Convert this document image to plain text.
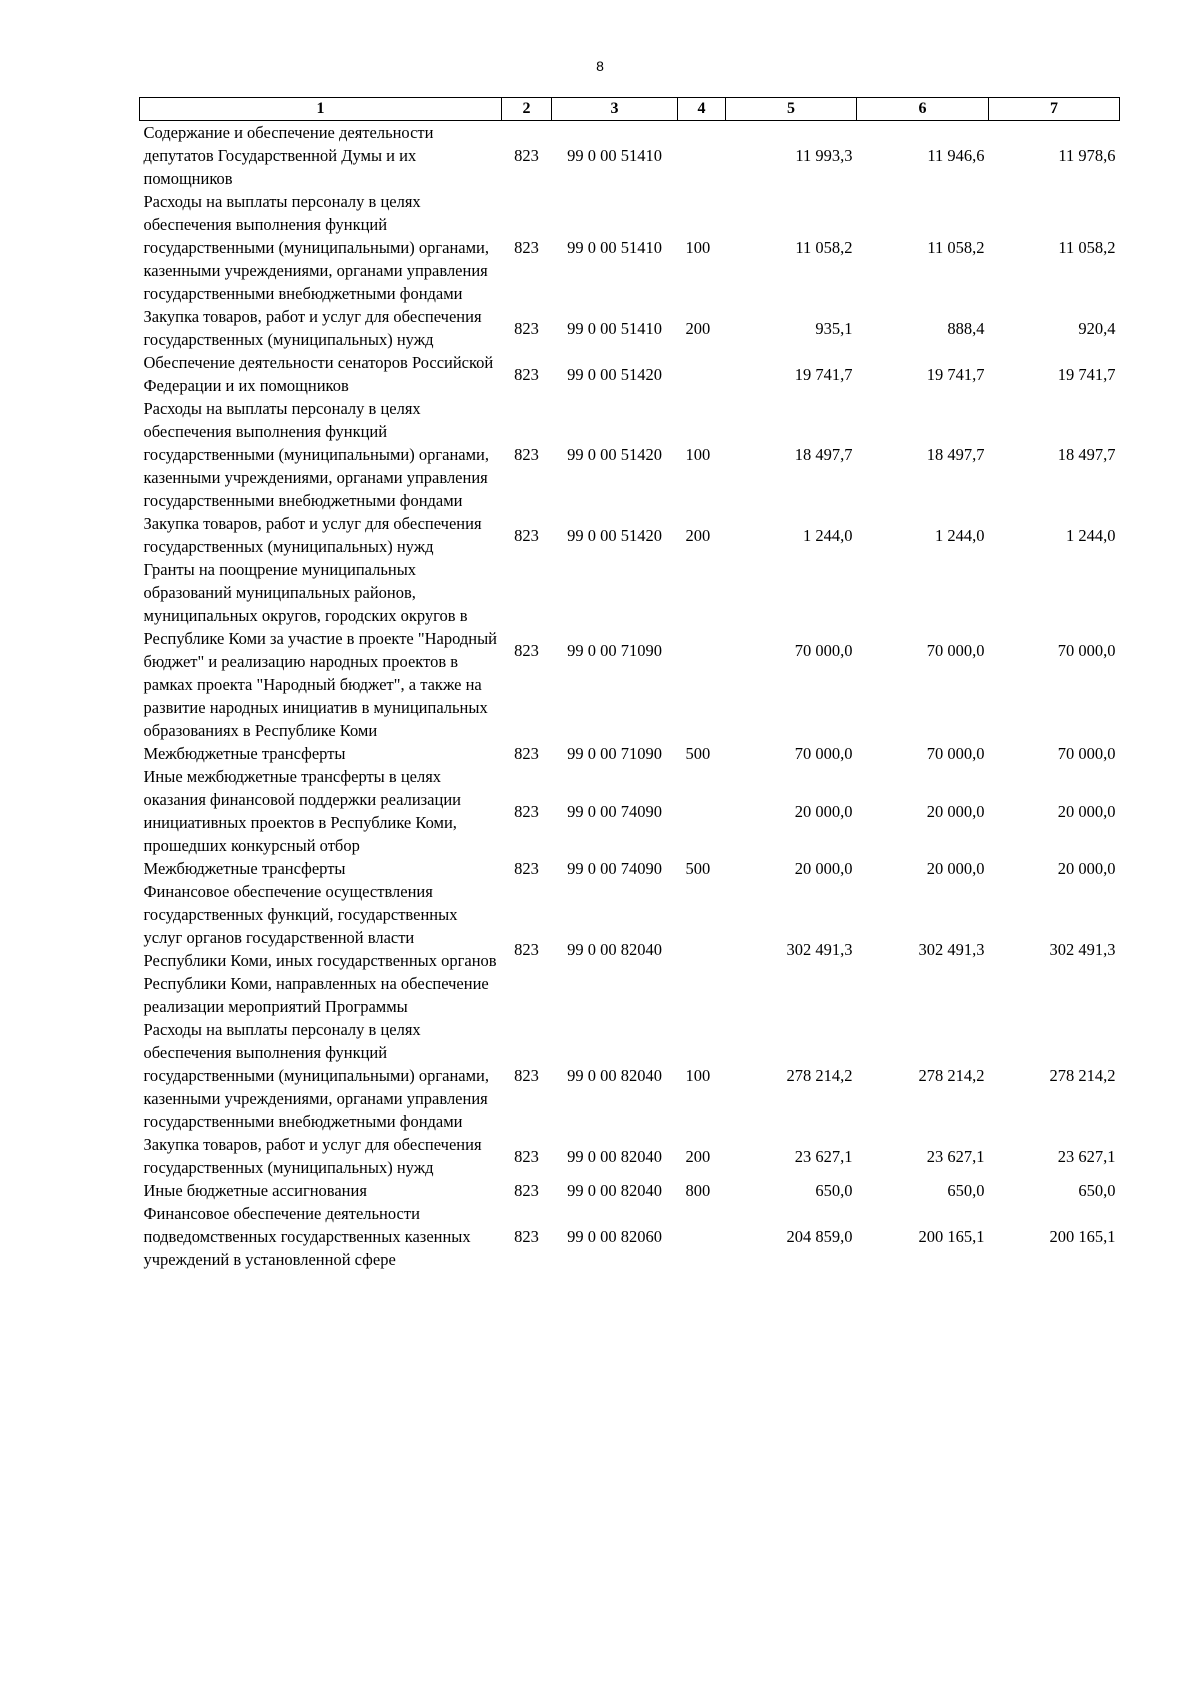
8
1	2	3	4	5	6	7
Содержание и обеспечение деятельности депутатов Государственной Думы и их помощников	823	99 0 00 51410		11 993,3	11 946,6	11 978,6
Расходы на выплаты персоналу в целях обеспечения выполнения функций государственными (муниципальными) органами, казенными учреждениями, органами управления государственными внебюджетными фондами	823	99 0 00 51410	100	11 058,2	11 058,2	11 058,2
Закупка товаров, работ и услуг для обеспечения государственных (муниципальных) нужд	823	99 0 00 51410	200	935,1	888,4	920,4
Обеспечение деятельности сенаторов Российской Федерации и их помощников	823	99 0 00 51420		19 741,7	19 741,7	19 741,7
Расходы на выплаты персоналу в целях обеспечения выполнения функций государственными (муниципальными) органами, казенными учреждениями, органами управления государственными внебюджетными фондами	823	99 0 00 51420	100	18 497,7	18 497,7	18 497,7
Закупка товаров, работ и услуг для обеспечения государственных (муниципальных) нужд	823	99 0 00 51420	200	1 244,0	1 244,0	1 244,0
Гранты на поощрение муниципальных образований муниципальных районов, муниципальных округов, городских округов в Республике Коми за участие в проекте "Народный бюджет" и реализацию народных проектов в рамках проекта "Народный бюджет", а также на развитие народных инициатив в муниципальных образованиях в Республике Коми	823	99 0 00 71090		70 000,0	70 000,0	70 000,0
Межбюджетные трансферты	823	99 0 00 71090	500	70 000,0	70 000,0	70 000,0
Иные межбюджетные трансферты в целях оказания финансовой поддержки реализации инициативных проектов в Республике Коми, прошедших конкурсный отбор	823	99 0 00 74090		20 000,0	20 000,0	20 000,0
Межбюджетные трансферты	823	99 0 00 74090	500	20 000,0	20 000,0	20 000,0
Финансовое обеспечение осуществления государственных функций, государственных услуг органов государственной власти Республики Коми, иных государственных органов Республики Коми, направленных на обеспечение реализации мероприятий Программы	823	99 0 00 82040		302 491,3	302 491,3	302 491,3
Расходы на выплаты персоналу в целях обеспечения выполнения функций государственными (муниципальными) органами, казенными учреждениями, органами управления государственными внебюджетными фондами	823	99 0 00 82040	100	278 214,2	278 214,2	278 214,2
Закупка товаров, работ и услуг для обеспечения государственных (муниципальных) нужд	823	99 0 00 82040	200	23 627,1	23 627,1	23 627,1
Иные бюджетные ассигнования	823	99 0 00 82040	800	650,0	650,0	650,0
Финансовое обеспечение деятельности подведомственных государственных казенных учреждений в установленной сфере	823	99 0 00 82060		204 859,0	200 165,1	200 165,1
